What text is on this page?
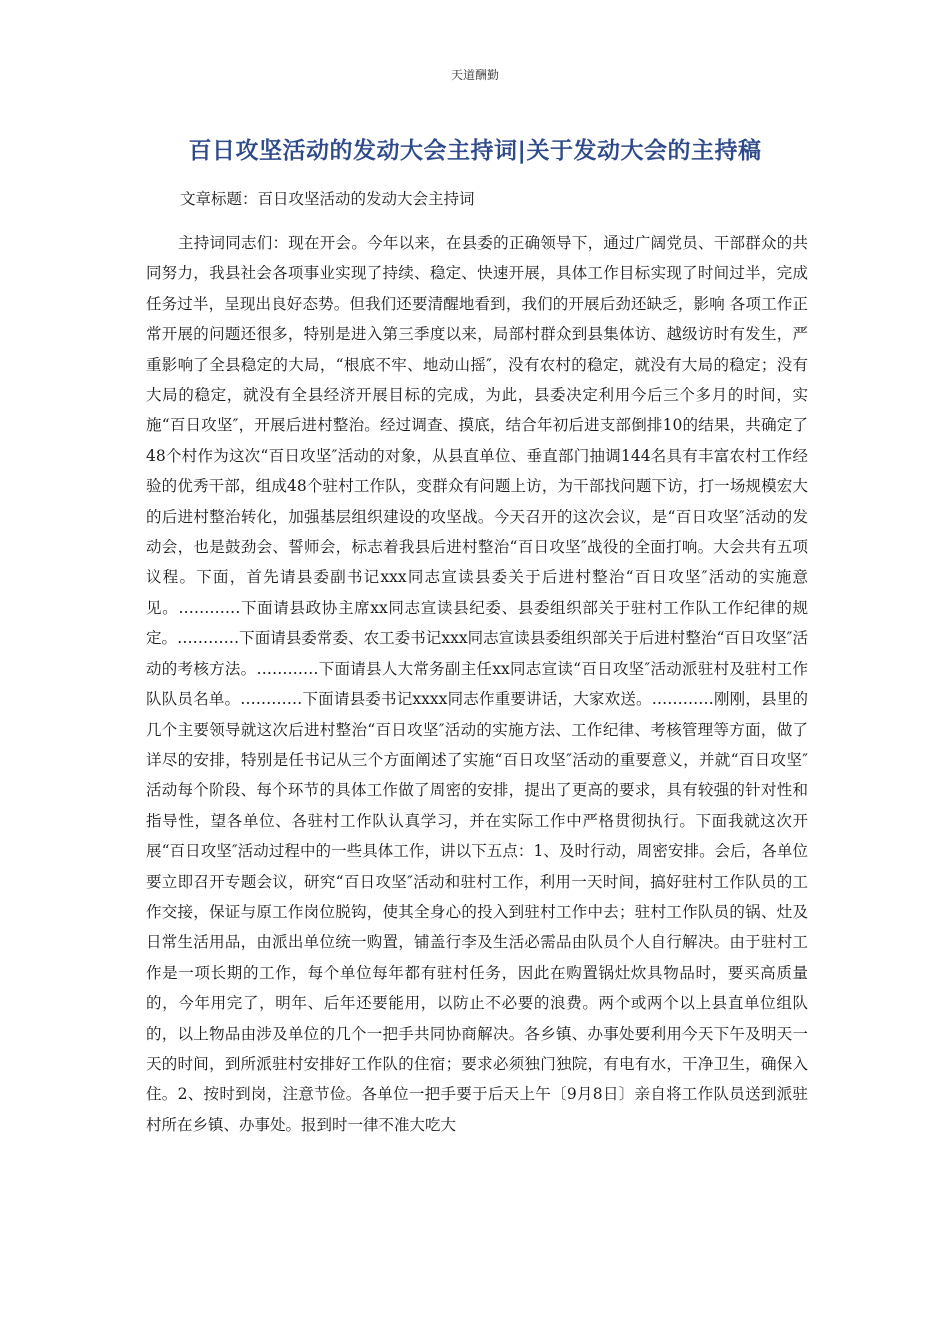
天道酬勤
百日攻坚活动的发动大会主持词|关于发动大会的主持稿
文章标题：百日攻坚活动的发动大会主持词

主持词同志们：现在开会。今年以来，在县委的正确领导下，通过广阔党员、干部群众的共同努力，我县社会各项事业实现了持续、稳定、快速开展，具体工作目标实现了时间过半，完成任务过半，呈现出良好态势。但我们还要清醒地看到，我们的开展后劲还缺乏，影响 各项工作正常开展的问题还很多，特别是进入第三季度以来，局部村群众到县集体访、越级访时有发生，严重影响了全县稳定的大局，“根底不牢、地动山摇″，没有农村的稳定，就没有大局的稳定；没有大局的稳定，就没有全县经济开展目标的完成，为此，县委决定利用今后三个多月的时间，实施“百日攻坚″，开展后进村整治。经过调查、摸底，结合年初后进支部倒排10的结果，共确定了48个村作为这次“百日攻坚″活动的对象，从县直单位、垂直部门抽调144名具有丰富农村工作经验的优秀干部，组成48个驻村工作队，变群众有问题上访，为干部找问题下访，打一场规模宏大的后进村整治转化，加强基层组织建设的攻坚战。今天召开的这次会议，是“百日攻坚″活动的发动会，也是鼓劲会、誓师会，标志着我县后进村整治“百日攻坚″战役的全面打响。大会共有五项议程。下面，首先请县委副书记xxx同志宣读县委关于后进村整治“百日攻坚″活动的实施意见。…………下面请县政协主席xx同志宣读县纪委、县委组织部关于驻村工作队工作纪律的规定。…………下面请县委常委、农工委书记xxx同志宣读县委组织部关于后进村整治“百日攻坚″活动的考核方法。…………下面请县人大常务副主任xx同志宣读“百日攻坚″活动派驻村及驻村工作队队员名单。…………下面请县委书记xxxx同志作重要讲话，大家欢送。…………刚刚，县里的几个主要领导就这次后进村整治“百日攻坚″活动的实施方法、工作纪律、考核管理等方面，做了详尽的安排，特别是任书记从三个方面阐述了实施“百日攻坚″活动的重要意义，并就“百日攻坚″活动每个阶段、每个环节的具体工作做了周密的安排，提出了更高的要求，具有较强的针对性和指导性，望各单位、各驻村工作队认真学习，并在实际工作中严格贯彻执行。下面我就这次开展“百日攻坚″活动过程中的一些具体工作，讲以下五点：1、及时行动，周密安排。会后，各单位要立即召开专题会议，研究“百日攻坚″活动和驻村工作，利用一天时间，搞好驻村工作队员的工作交接，保证与原工作岗位脱钩，使其全身心的投入到驻村工作中去；驻村工作队员的锅、灶及日常生活用品，由派出单位统一购置，铺盖行李及生活必需品由队员个人自行解决。由于驻村工作是一项长期的工作，每个单位每年都有驻村任务，因此在购置锅灶炊具物品时，要买高质量的，今年用完了，明年、后年还要能用，以防止不必要的浪费。两个或两个以上县直单位组队的，以上物品由涉及单位的几个一把手共同协商解决。各乡镇、办事处要利用今天下午及明天一天的时间，到所派驻村安排好工作队的住宿；要求必须独门独院，有电有水，干净卫生，确保入住。2、按时到岗，注意节俭。各单位一把手要于后天上午〔9月8日〕亲自将工作队员送到派驻村所在乡镇、办事处。报到时一律不准大吃大
